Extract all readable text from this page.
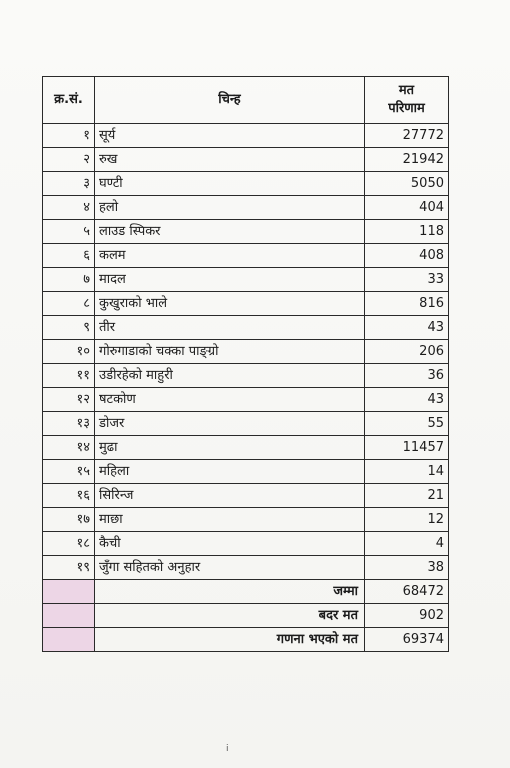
क्र.सं.	चिन्ह	मत
परिणाम
१	सूर्य	27772
२	रुख	21942
३	घण्टी	5050
४	हलो	404
५	लाउड स्पिकर	118
६	कलम	408
७	मादल	33
८	कुखुराको भाले	816
९	तीर	43
१०	गोरुगाडाको चक्का पाङ्ग्रो	206
११	उडीरहेको माहुरी	36
१२	षटकोण	43
१३	डोजर	55
१४	मुढा	11457
१५	महिला	14
१६	सिरिन्ज	21
१७	माछा	12
१८	कैची	4
१९	जुँगा सहितको अनुहार	38
	जम्मा	68472
	बदर मत	902
	गणना भएको मत	69374
i
